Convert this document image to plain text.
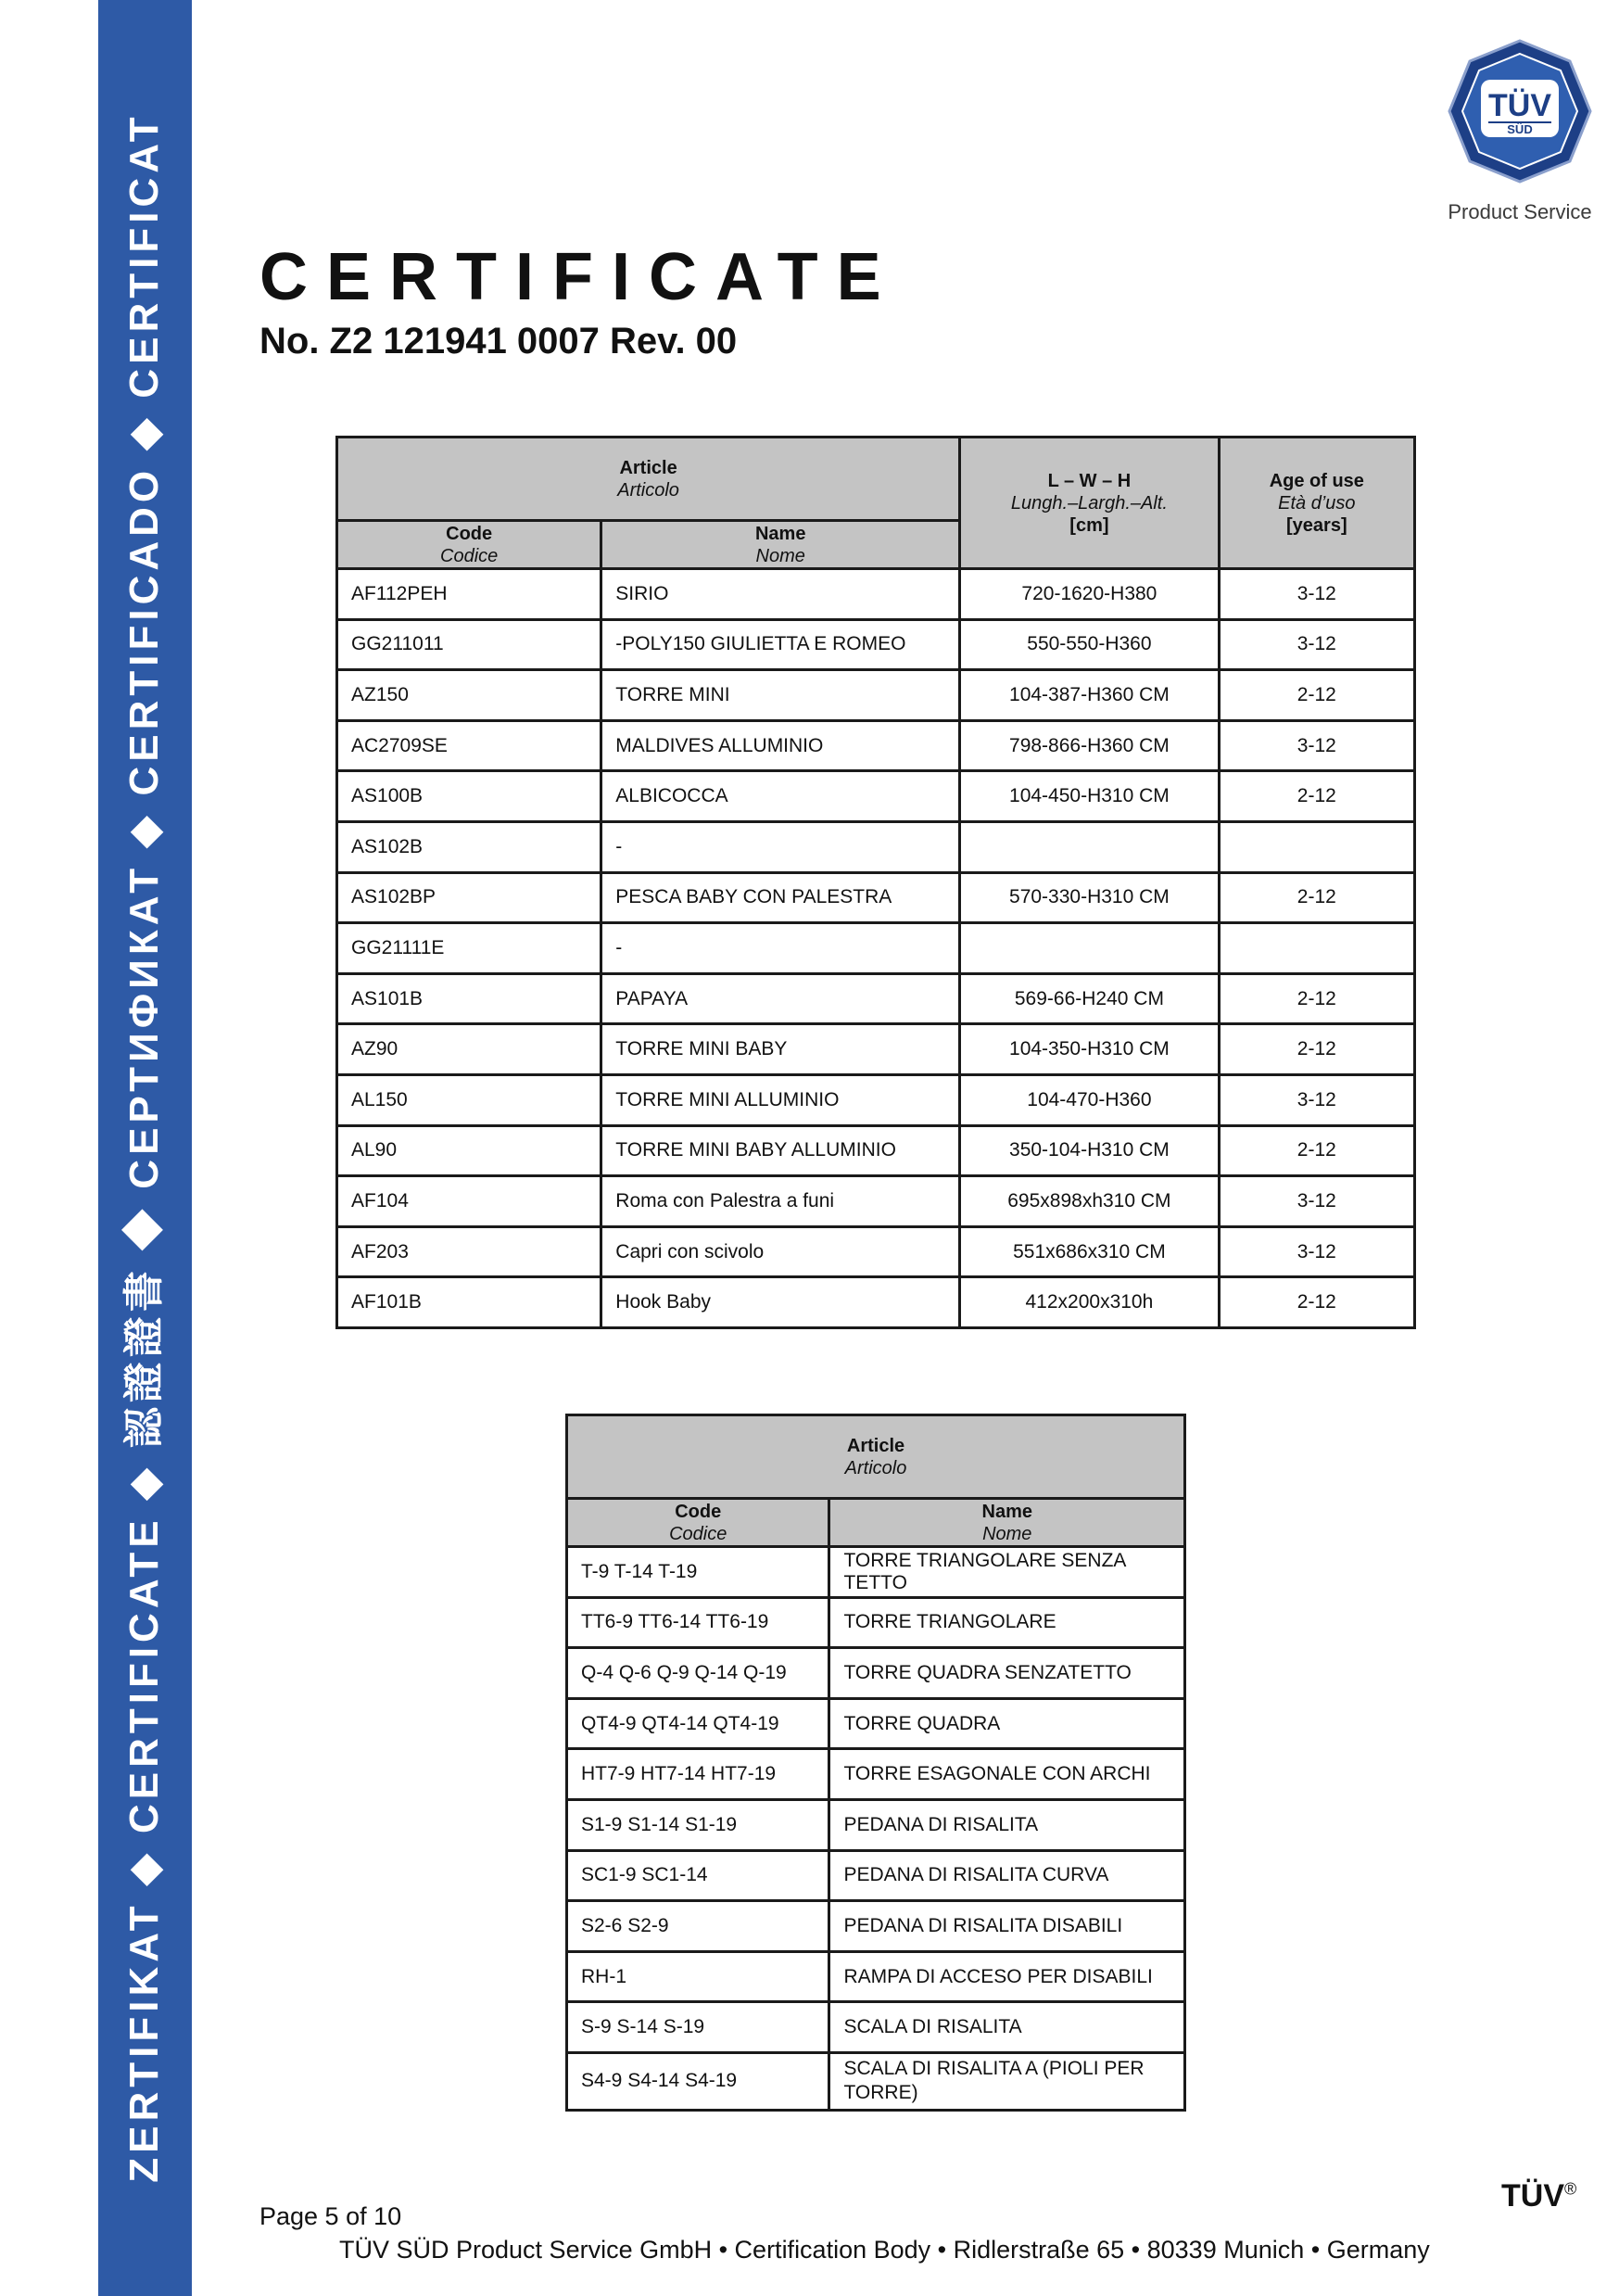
ZERTIFIKAT ◆ CERTIFICATE ◆ 認證證書 ◆ СЕРТИФИКАТ ◆ CERTIFICADO ◆ CERTIFICAT
TÜV
SÜD
Product Service
CERTIFICATE
No. Z2 121941 0007 Rev. 00
Article
Articolo		L – W – H
Lungh.–Largh.–Alt.
[cm]	Age of use
Età d’uso
[years]

Code
Codice	Name
Nome		

AF112PEH	SIRIO	720-1620-H380	3-12
GG211011	-POLY150 GIULIETTA E ROMEO	550-550-H360	3-12
AZ150	TORRE MINI	104-387-H360 CM	2-12
AC2709SE	MALDIVES ALLUMINIO	798-866-H360 CM	3-12
AS100B	ALBICOCCA	104-450-H310 CM	2-12
AS102B	-		
AS102BP	PESCA BABY CON PALESTRA	570-330-H310 CM	2-12
GG21111E	-		
AS101B	PAPAYA	569-66-H240 CM	2-12
AZ90	TORRE MINI BABY	104-350-H310 CM	2-12
AL150	TORRE MINI ALLUMINIO	104-470-H360	3-12
AL90	TORRE MINI BABY ALLUMINIO	350-104-H310 CM	2-12
AF104	Roma con Palestra a funi	695x898xh310 CM	3-12
AF203	Capri con scivolo	551x686x310 CM	3-12
AF101B	Hook Baby	412x200x310h	2-12
Article
Articolo	

Code
Codice	Name
Nome

T-9 T-14 T-19	TORRE TRIANGOLARE SENZA TETTO
TT6-9 TT6-14 TT6-19	TORRE TRIANGOLARE
Q-4 Q-6 Q-9 Q-14 Q-19	TORRE QUADRA SENZATETTO
QT4-9 QT4-14 QT4-19	TORRE QUADRA
HT7-9 HT7-14 HT7-19	TORRE ESAGONALE CON ARCHI
S1-9 S1-14 S1-19	PEDANA DI RISALITA
SC1-9 SC1-14	PEDANA DI RISALITA CURVA
S2-6 S2-9	PEDANA DI RISALITA DISABILI
RH-1	RAMPA DI ACCESO PER DISABILI
S-9 S-14 S-19	SCALA DI RISALITA
S4-9 S4-14 S4-19	SCALA DI RISALITA A (PIOLI PER TORRE)
Page 5 of 10
TÜV SÜD Product Service GmbH • Certification Body • Ridlerstraße 65 • 80339 Munich • Germany
TÜV®
